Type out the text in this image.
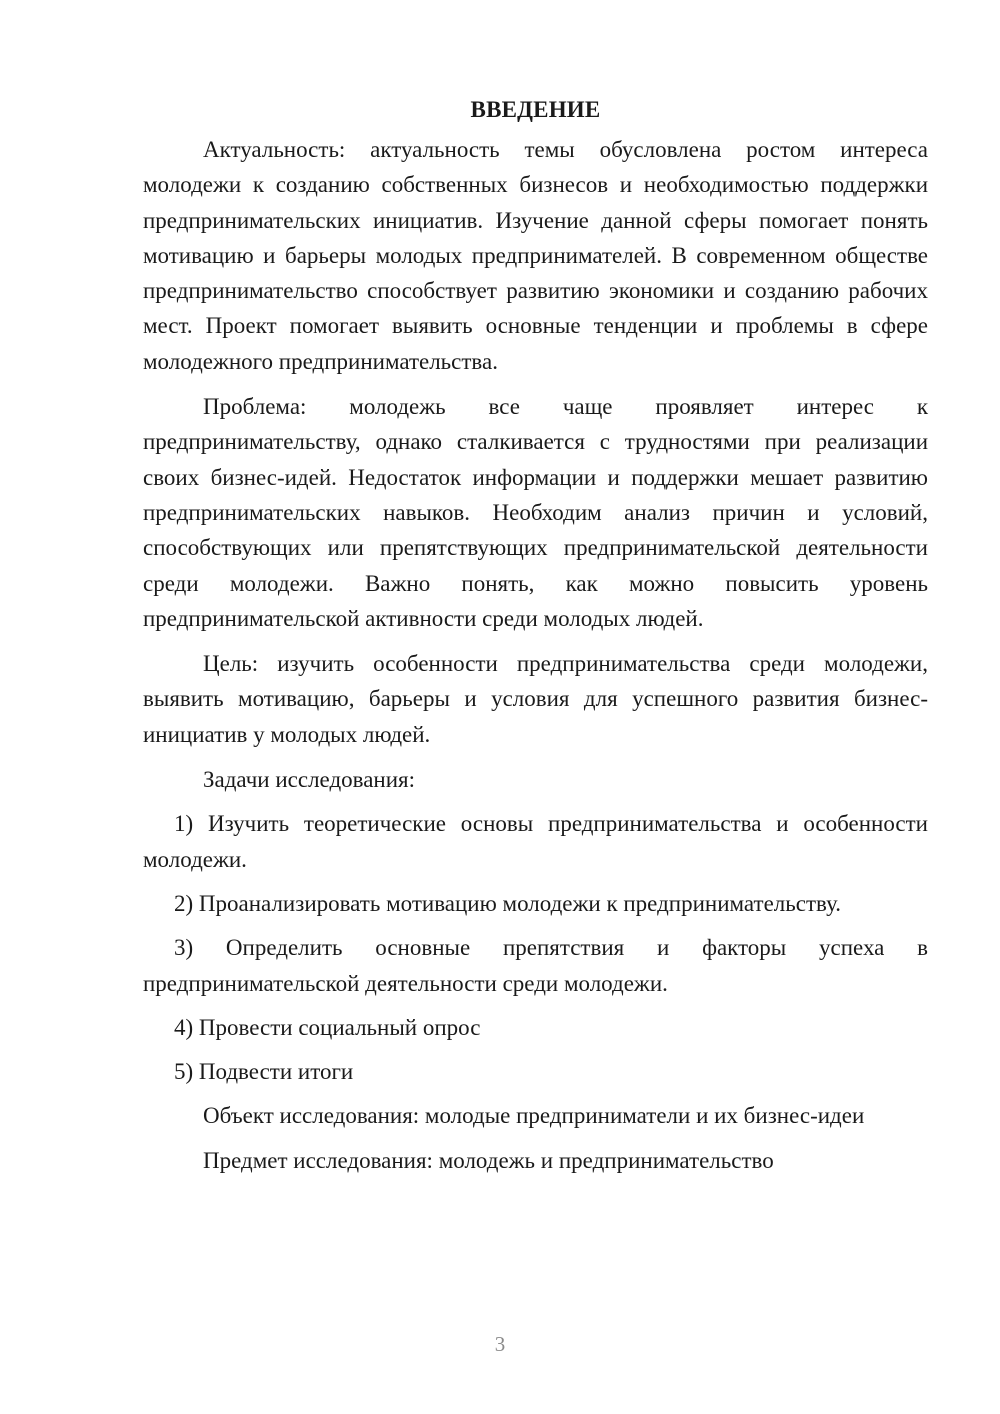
ВВЕДЕНИЕ

Актуальность: актуальность темы обусловлена ростом интереса молодежи к созданию собственных бизнесов и необходимостью поддержки предпринимательских инициатив. Изучение данной сферы помогает понять мотивацию и барьеры молодых предпринимателей. В современном обществе предпринимательство способствует развитию экономики и созданию рабочих мест. Проект помогает выявить основные тенденции и проблемы в сфере молодежного предпринимательства.

Проблема: молодежь все чаще проявляет интерес к предпринимательству, однако сталкивается с трудностями при реализации своих бизнес-идей. Недостаток информации и поддержки мешает развитию предпринимательских навыков. Необходим анализ причин и условий, способствующих или препятствующих предпринимательской деятельности среди молодежи. Важно понять, как можно повысить уровень предпринимательской активности среди молодых людей.

Цель: изучить особенности предпринимательства среди молодежи, выявить мотивацию, барьеры и условия для успешного развития бизнес-инициатив у молодых людей.

Задачи исследования:

1) Изучить теоретические основы предпринимательства и особенности молодежи.

2) Проанализировать мотивацию молодежи к предпринимательству.

3) Определить основные препятствия и факторы успеха в предпринимательской деятельности среди молодежи.

4) Провести социальный опрос

5) Подвести итоги

Объект исследования: молодые предприниматели и их бизнес-идеи

Предмет исследования: молодежь и предпринимательство

3
